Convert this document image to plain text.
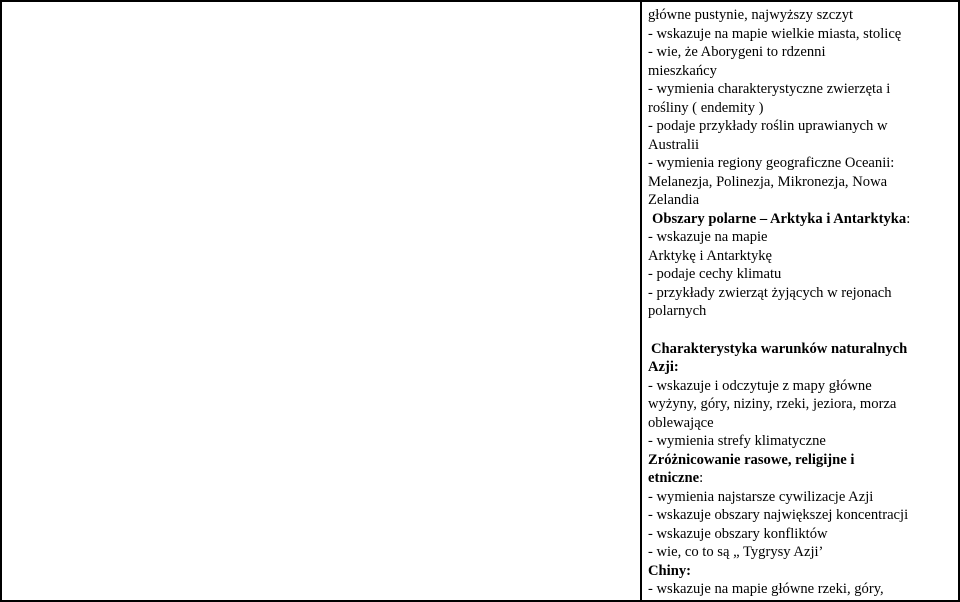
główne pustynie, najwyższy szczyt
- wskazuje na mapie wielkie miasta, stolicę
- wie, że Aborygeni to rdzenni
mieszkańcy
- wymienia charakterystyczne zwierzęta i
rośliny ( endemity )
- podaje przykłady roślin uprawianych w
Australii
- wymienia regiony geograficzne Oceanii:
Melanezja, Polinezja, Mikronezja, Nowa
Zelandia
Obszary polarne – Arktyka i Antarktyka:
- wskazuje na mapie
Arktykę i Antarktykę
- podaje cechy klimatu
- przykłady zwierząt żyjących w rejonach
polarnych
Charakterystyka warunków naturalnych
Azji:
- wskazuje i odczytuje z mapy główne
wyżyny, góry, niziny, rzeki, jeziora, morza
oblewające
- wymienia strefy klimatyczne
Zróżnicowanie rasowe, religijne i
etniczne:
- wymienia najstarsze cywilizacje Azji
- wskazuje obszary największej koncentracji
- wskazuje obszary konfliktów
- wie, co to są „ Tygrysy Azji’
Chiny:
- wskazuje na mapie główne rzeki, góry,
